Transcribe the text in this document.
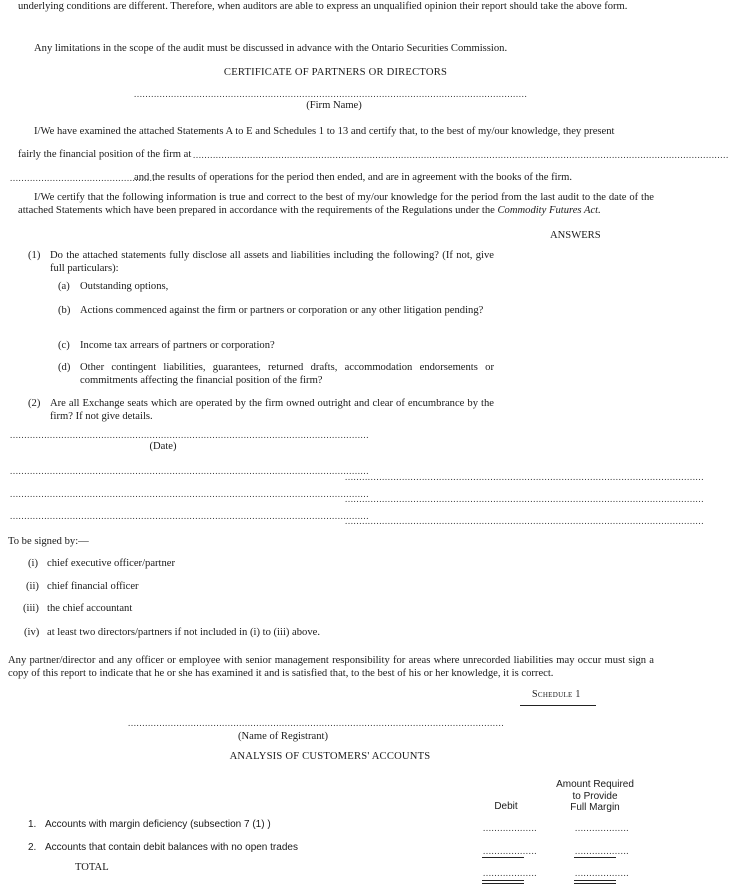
underlying conditions are different. Therefore, when auditors are able to express an unqualified opinion their report should take the above form.
Any limitations in the scope of the audit must be discussed in advance with the Ontario Securities Commission.
CERTIFICATE OF PARTNERS OR DIRECTORS
..........................................................................................................................................
(Firm Name)
I/We have examined the attached Statements A to E and Schedules 1 to 13 and certify that, to the best of my/our knowledge, they present
fairly the financial position of the firm at ............................................................................................................................................................................................
...................................................
and the results of operations for the period then ended, and are in agreement with the books of the firm.
I/We certify that the following information is true and correct to the best of my/our knowledge for the period from the last audit to the date of the attached Statements which have been prepared in accordance with the requirements of the Regulations under the Commodity Futures Act.
ANSWERS
(1) Do the attached statements fully disclose all assets and liabilities including the following? (If not, give full particulars):
(a) Outstanding options,
(b) Actions commenced against the firm or partners or corporation or any other litigation pending?
(c) Income tax arrears of partners or corporation?
(d) Other contingent liabilities, guarantees, returned drafts, accommodation endorsements or commitments affecting the financial position of the firm?
(2) Are all Exchange seats which are operated by the firm owned outright and clear of encumbrance by the firm? If not give details.
..............................................................................................................................
(Date)
..............................................................................................................................
..............................................................................................................................
..............................................................................................................................
..............................................................................................................................
..............................................................................................................................
..............................................................................................................................
To be signed by:—
(i) chief executive officer/partner
(ii) chief financial officer
(iii) the chief accountant
(iv) at least two directors/partners if not included in (i) to (iii) above.
Any partner/director and any officer or employee with senior management responsibility for areas where unrecorded liabilities may occur must sign a copy of this report to indicate that he or she has examined it and is satisfied that, to the best of his or her knowledge, it is correct.
Schedule 1
....................................................................................................................................
(Name of Registrant)
ANALYSIS OF CUSTOMERS' ACCOUNTS
Amount Required
to Provide
Full Margin
Debit
1. Accounts with margin deficiency (subsection 7 (1) )	...................	...................
2. Accounts that contain debit balances with no open trades	...................	...................
TOTAL	...................	...................
